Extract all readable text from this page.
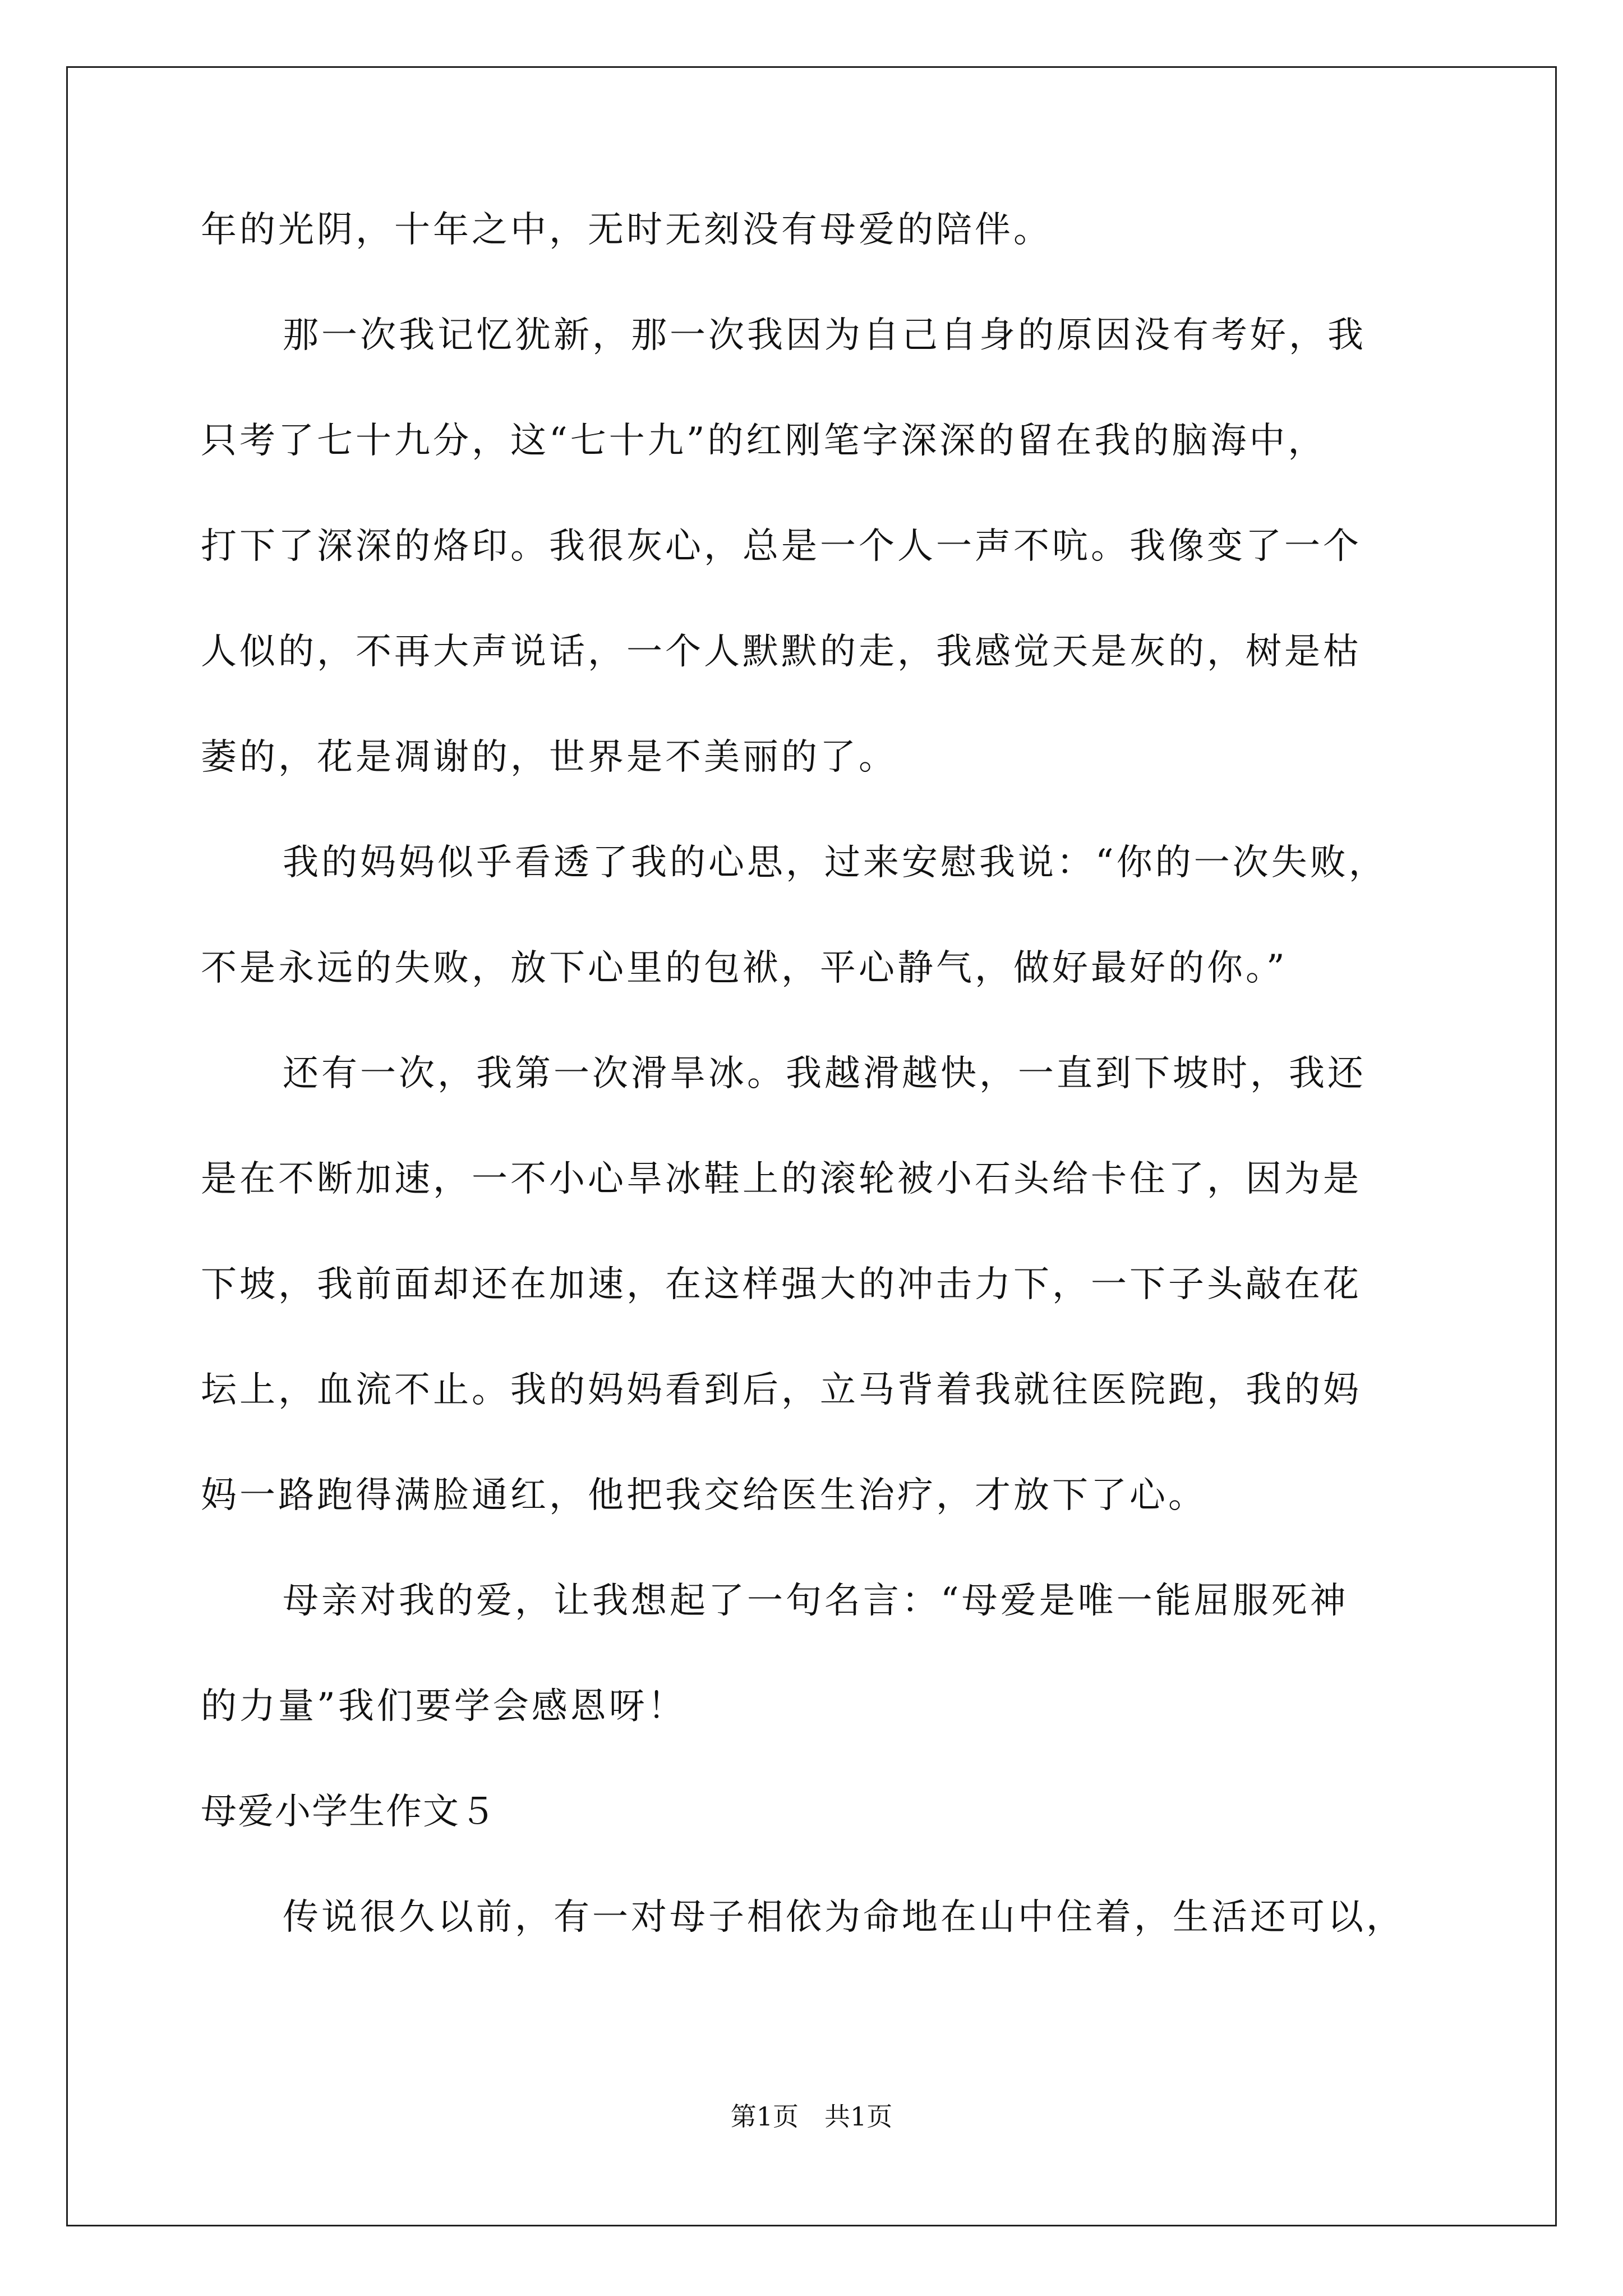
年的光阴，十年之中，无时无刻没有母爱的陪伴。
那一次我记忆犹新，那一次我因为自己自身的原因没有考好，我
只考了七十九分，这“七十九”的红刚笔字深深的留在我的脑海中，
打下了深深的烙印。我很灰心，总是一个人一声不吭。我像变了一个
人似的，不再大声说话，一个人默默的走，我感觉天是灰的，树是枯
萎的，花是凋谢的，世界是不美丽的了。
我的妈妈似乎看透了我的心思，过来安慰我说：“你的一次失败，
不是永远的失败，放下心里的包袱，平心静气，做好最好的你。”
还有一次，我第一次滑旱冰。我越滑越快，一直到下坡时，我还
是在不断加速，一不小心旱冰鞋上的滚轮被小石头给卡住了，因为是
下坡，我前面却还在加速，在这样强大的冲击力下，一下子头敲在花
坛上，血流不止。我的妈妈看到后，立马背着我就往医院跑，我的妈
妈一路跑得满脸通红，他把我交给医生治疗，才放下了心。
母亲对我的爱，让我想起了一句名言：“母爱是唯一能屈服死神
的力量”我们要学会感恩呀！
母爱小学生作文５
传说很久以前，有一对母子相依为命地在山中住着，生活还可以，
第1页　共1页
